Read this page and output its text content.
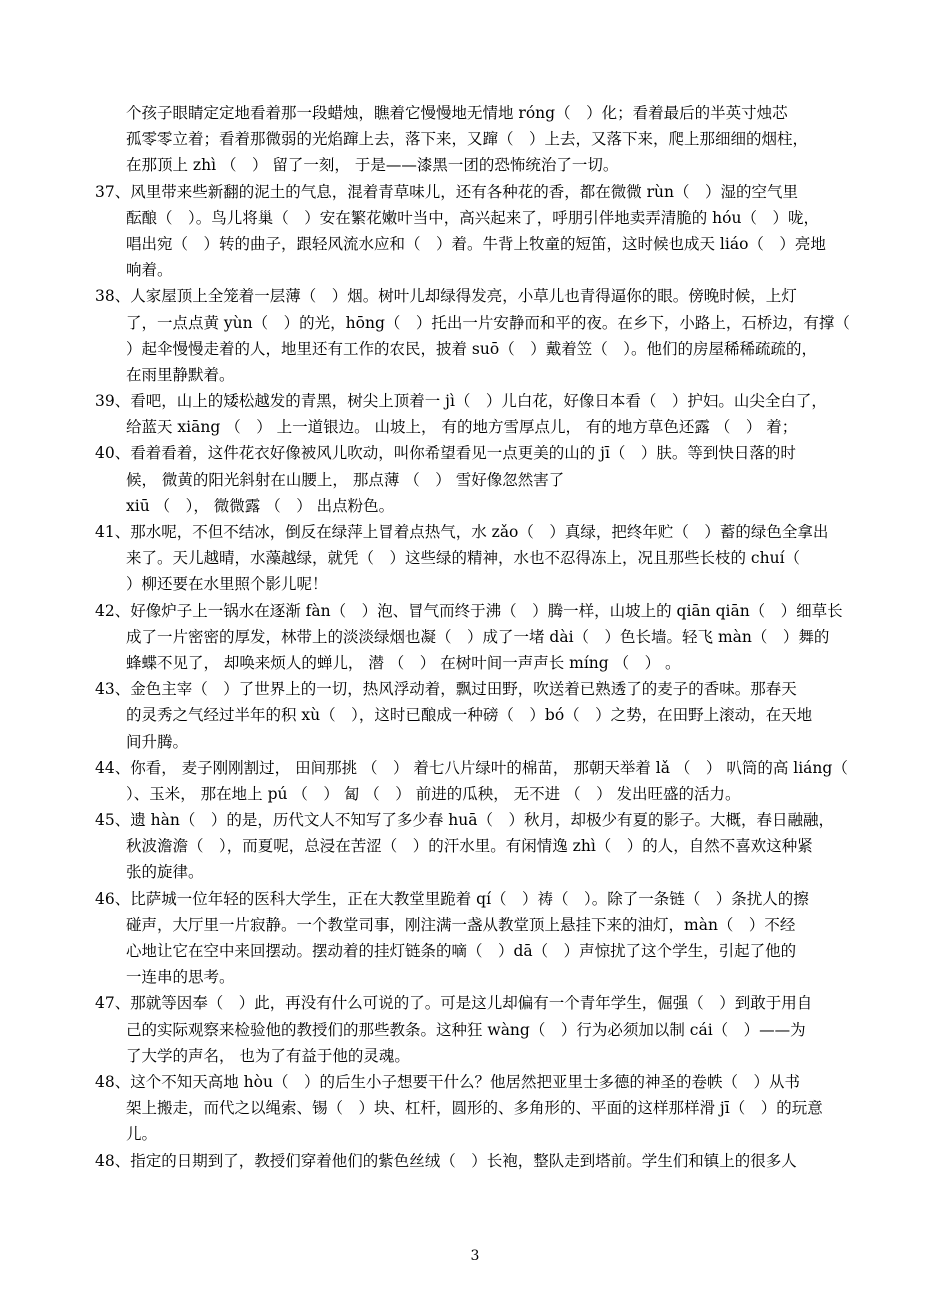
个孩子眼睛定定地看着那一段蜡烛，瞧着它慢慢地无情地 róng（　）化；看着最后的半英寸烛芯
孤零零立着；看着那微弱的光焰蹿上去，落下来，又蹿（　）上去，又落下来，爬上那细细的烟柱，
在那顶上 zhì （　） 留了一刻， 于是——漆黑一团的恐怖统治了一切。
37、风里带来些新翻的泥土的气息，混着青草味儿，还有各种花的香，都在微微 rùn（　）湿的空气里
酝酿（　）。鸟儿将巢（　）安在繁花嫩叶当中，高兴起来了，呼朋引伴地卖弄清脆的 hóu（　）咙，
唱出宛（　）转的曲子，跟轻风流水应和（　）着。牛背上牧童的短笛，这时候也成天 liáo（　）亮地
响着。
38、人家屋顶上全笼着一层薄（　）烟。树叶儿却绿得发亮，小草儿也青得逼你的眼。傍晚时候，上灯
了，一点点黄 yùn（　）的光，hōng（　）托出一片安静而和平的夜。在乡下，小路上，石桥边，有撑（
）起伞慢慢走着的人，地里还有工作的农民，披着 suō（　）戴着笠（　）。他们的房屋稀稀疏疏的，
在雨里静默着。
39、看吧，山上的矮松越发的青黑，树尖上顶着一 jì（　）儿白花，好像日本看（　）护妇。山尖全白了，
给蓝天 xiāng （　） 上一道银边。 山坡上， 有的地方雪厚点儿， 有的地方草色还露 （　） 着；
40、看着看着，这件花衣好像被风儿吹动，叫你希望看见一点更美的山的 jī（　）肤。等到快日落的时
候， 微黄的阳光斜射在山腰上， 那点薄 （　） 雪好像忽然害了
xiū （　）， 微微露 （　） 出点粉色。
41、那水呢，不但不结冰，倒反在绿萍上冒着点热气，水 zǎo（　）真绿，把终年贮（　）蓄的绿色全拿出
来了。天儿越晴，水藻越绿，就凭（　）这些绿的精神，水也不忍得冻上，况且那些长枝的 chuí（
）柳还要在水里照个影儿呢！
42、好像炉子上一锅水在逐渐 fàn（　）泡、冒气而终于沸（　）腾一样，山坡上的 qiān qiān（　）细草长
成了一片密密的厚发，林带上的淡淡绿烟也凝（　）成了一堵 dài（　）色长墙。轻飞 màn（　）舞的
蜂蝶不见了， 却唤来烦人的蝉儿， 潜 （　） 在树叶间一声声长 míng （　） 。
43、金色主宰（　）了世界上的一切，热风浮动着，飘过田野，吹送着已熟透了的麦子的香味。那春天
的灵秀之气经过半年的积 xù（　），这时已酿成一种磅（　）bó（　）之势，在田野上滚动，在天地
间升腾。
44、你看， 麦子刚刚割过， 田间那挑 （　） 着七八片绿叶的棉苗， 那朝天举着 lǎ （　） 叭筒的高 liáng（
）、玉米， 那在地上 pú （　） 匐 （　） 前进的瓜秧， 无不进 （　） 发出旺盛的活力。
45、遗 hàn（　）的是，历代文人不知写了多少春 huā（　）秋月，却极少有夏的影子。大概，春日融融，
秋波澹澹（　），而夏呢，总浸在苦涩（　）的汗水里。有闲情逸 zhì（　）的人，自然不喜欢这种紧
张的旋律。
46、比萨城一位年轻的医科大学生，正在大教堂里跪着 qí（　）祷（　）。除了一条链（　）条扰人的擦
碰声，大厅里一片寂静。一个教堂司事，刚注满一盏从教堂顶上悬挂下来的油灯，màn（　）不经
心地让它在空中来回摆动。摆动着的挂灯链条的嘀（　）dā（　）声惊扰了这个学生，引起了他的
一连串的思考。
47、那就等因奉（　）此，再没有什么可说的了。可是这儿却偏有一个青年学生，倔强（　）到敢于用自
己的实际观察来检验他的教授们的那些教条。这种狂 wàng（　）行为必须加以制 cái（　）——为
了大学的声名， 也为了有益于他的灵魂。
48、这个不知天高地 hòu（　）的后生小子想要干什么？他居然把亚里士多德的神圣的卷帙（　）从书
架上搬走，而代之以绳索、锡（　）块、杠杆，圆形的、多角形的、平面的这样那样滑 jī（　）的玩意
儿。
48、指定的日期到了，教授们穿着他们的紫色丝绒（　）长袍，整队走到塔前。学生们和镇上的很多人
3
